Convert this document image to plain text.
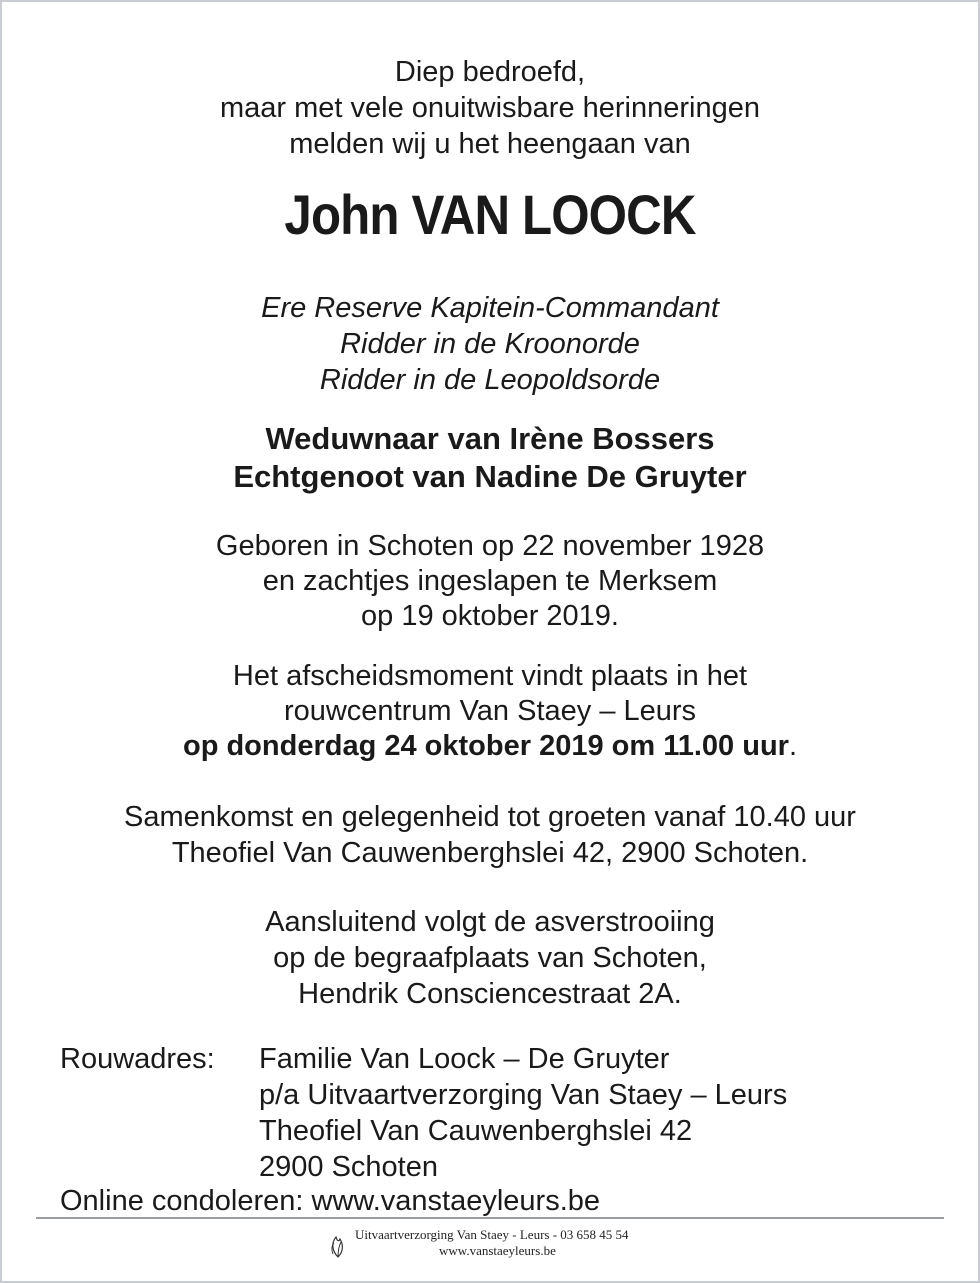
Diep bedroefd,
maar met vele onuitwisbare herinneringen
melden wij u het heengaan van
John VAN LOOCK
Ere Reserve Kapitein-Commandant
Ridder in de Kroonorde
Ridder in de Leopoldsorde
Weduwnaar van Irène Bossers
Echtgenoot van Nadine De Gruyter
Geboren in Schoten op 22 november 1928
en zachtjes ingeslapen te Merksem
op 19 oktober 2019.
Het afscheidsmoment vindt plaats in het
rouwcentrum Van Staey – Leurs
op donderdag 24 oktober 2019 om 11.00 uur.
Samenkomst en gelegenheid tot groeten vanaf 10.40 uur
Theofiel Van Cauwenberghslei 42, 2900 Schoten.
Aansluitend volgt de asverstrooiing
op de begraafplaats van Schoten,
Hendrik Consciencestraat 2A.
Rouwadres:	Familie Van Loock – De Gruyter
p/a Uitvaartverzorging Van Staey – Leurs
Theofiel Van Cauwenberghslei 42
2900 Schoten
Online condoleren: www.vanstaeyleurs.be
Uitvaartverzorging Van Staey - Leurs - 03 658 45 54
www.vanstaeyleurs.be
